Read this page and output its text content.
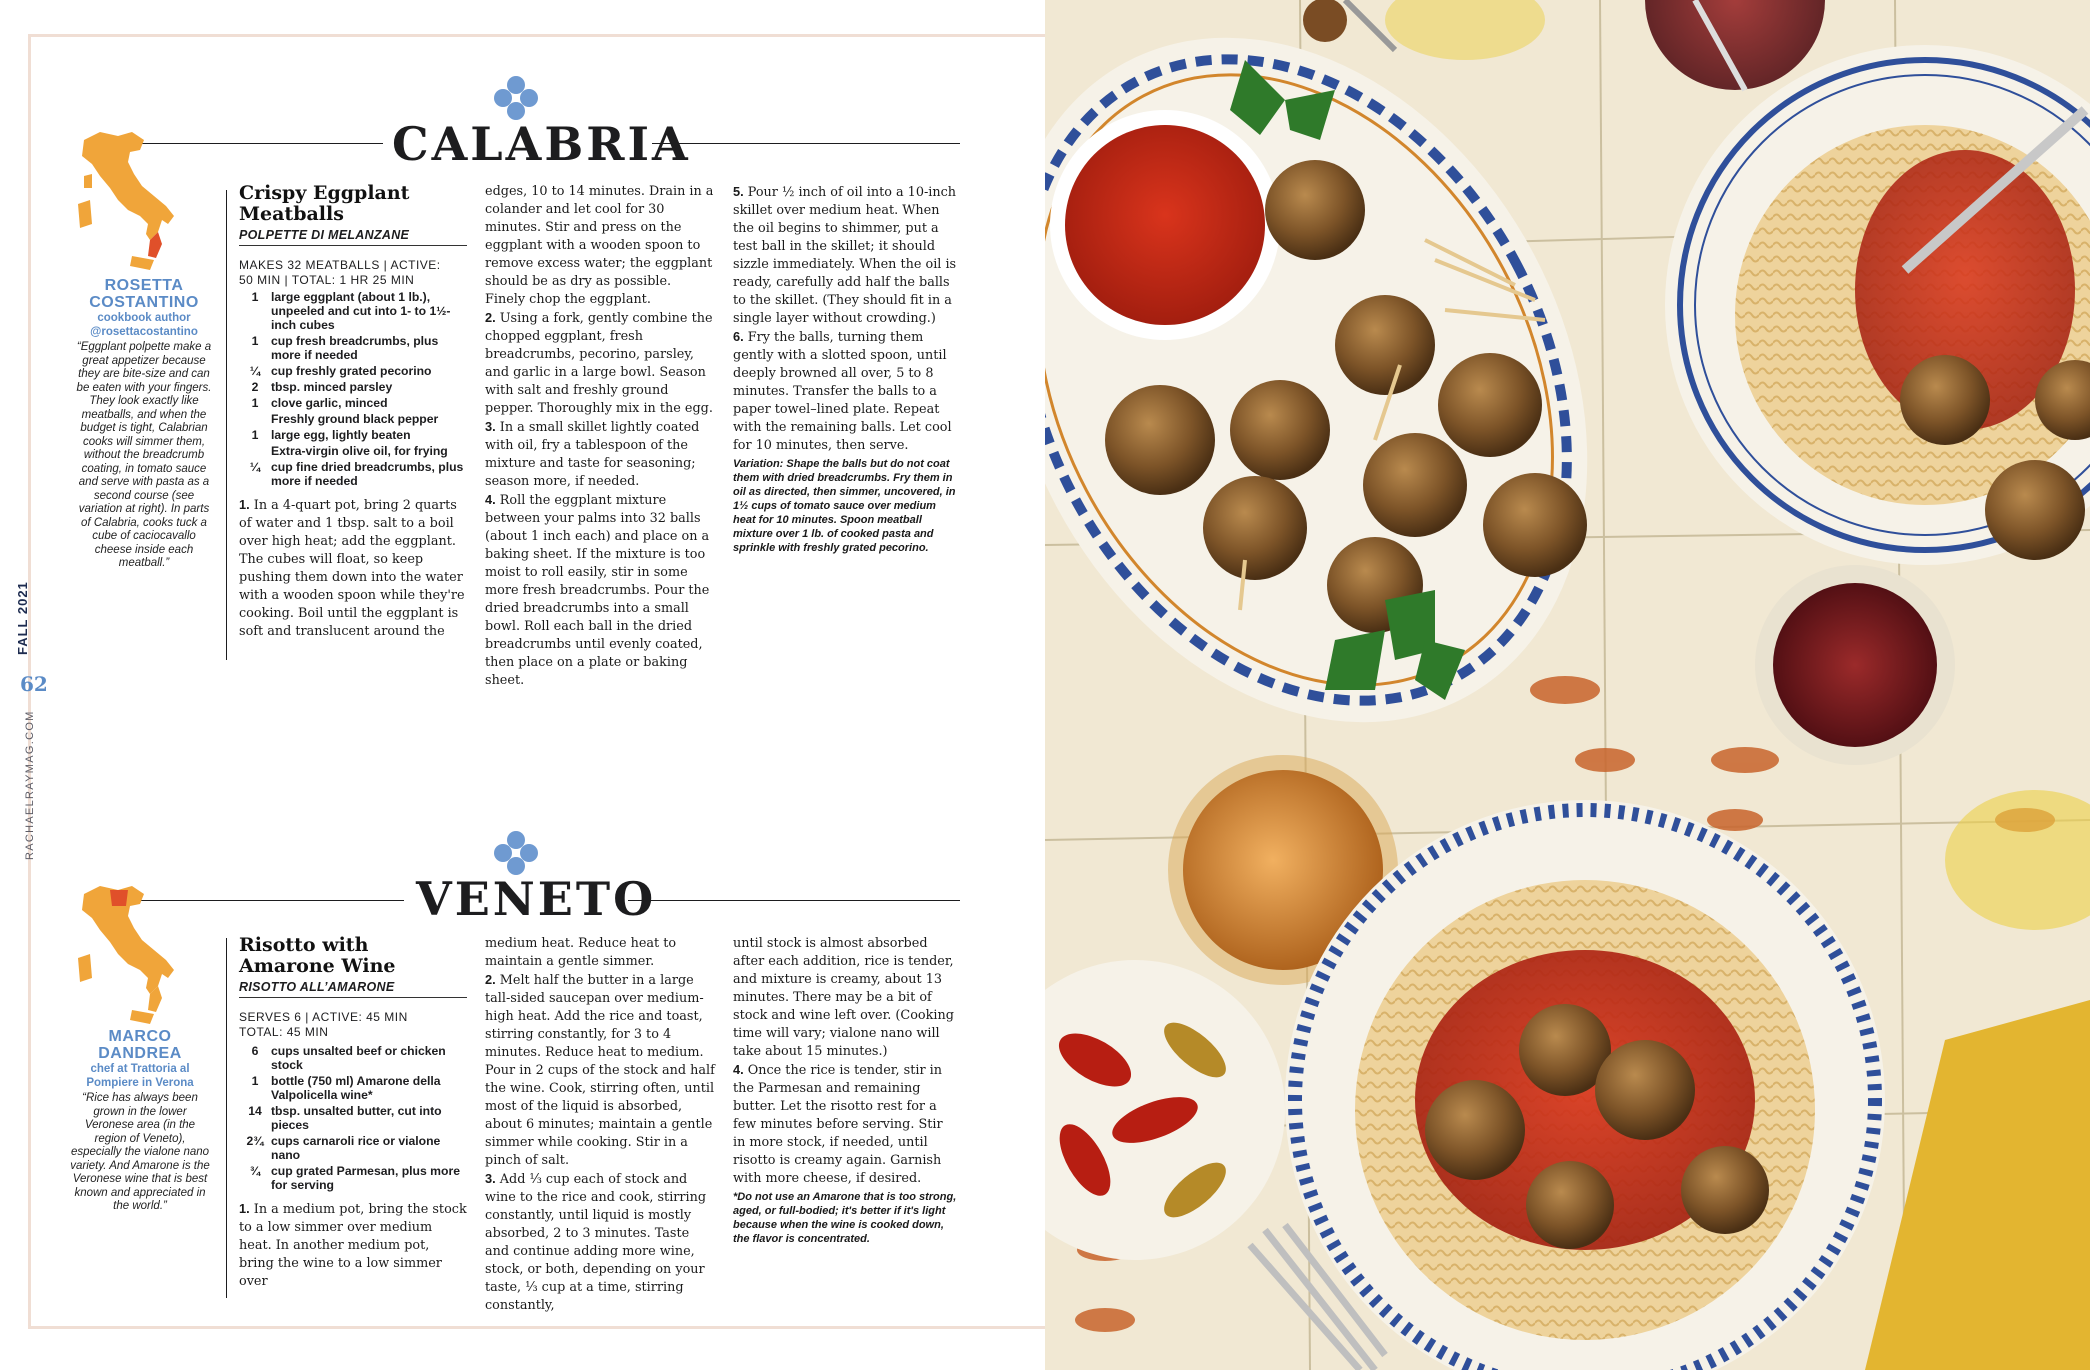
FALL 2021
62
RACHAELRAYMAG.COM
CALABRIA
ROSETTA COSTANTINO
cookbook author
@rosettacostantino
“Eggplant polpette make a great appetizer because they are bite-size and can be eaten with your fingers. They look exactly like meatballs, and when the budget is tight, Calabrian cooks will simmer them, without the breadcrumb coating, in tomato sauce and serve with pasta as a second course (see variation at right). In parts of Calabria, cooks tuck a cube of caciocavallo cheese inside each meatball.”
Crispy Eggplant Meatballs
POLPETTE DI MELANZANE
MAKES 32 MEATBALLS | ACTIVE:
50 MIN | TOTAL: 1 HR 25 MIN
1	large eggplant (about 1 lb.), unpeeled and cut into 1- to 1½-inch cubes
1	cup fresh breadcrumbs, plus more if needed
¼ cup freshly grated pecorino
2	tbsp. minced parsley
1	clove garlic, minced
Freshly ground black pepper
1	large egg, lightly beaten
Extra-virgin olive oil, for frying
¼ cup fine dried breadcrumbs, plus more if needed
1. In a 4-quart pot, bring 2 quarts of water and 1 tbsp. salt to a boil over high heat; add the eggplant. The cubes will float, so keep pushing them down into the water with a wooden spoon while they're cooking. Boil until the eggplant is soft and translucent around the

edges, 10 to 14 minutes. Drain in a colander and let cool for 30 minutes. Stir and press on the eggplant with a wooden spoon to remove excess water; the eggplant should be as dry as possible. Finely chop the eggplant.

2. Using a fork, gently combine the chopped eggplant, fresh breadcrumbs, pecorino, parsley, and garlic in a large bowl. Season with salt and freshly ground pepper. Thoroughly mix in the egg.

3. In a small skillet lightly coated with oil, fry a tablespoon of the mixture and taste for seasoning; season more, if needed.

4. Roll the eggplant mixture between your palms into 32 balls (about 1 inch each) and place on a baking sheet. If the mixture is too moist to roll easily, stir in some more fresh breadcrumbs. Pour the dried breadcrumbs into a small bowl. Roll each ball in the dried breadcrumbs until evenly coated, then place on a plate or baking sheet.

5. Pour ½ inch of oil into a 10-inch skillet over medium heat. When the oil begins to shimmer, put a test ball in the skillet; it should sizzle immediately. When the oil is ready, carefully add half the balls to the skillet. (They should fit in a single layer without crowding.)

6. Fry the balls, turning them gently with a slotted spoon, until deeply browned all over, 5 to 8 minutes. Transfer the balls to a paper towel–lined plate. Repeat with the remaining balls. Let cool for 10 minutes, then serve.

Variation: Shape the balls but do not coat them with dried breadcrumbs. Fry them in oil as directed, then simmer, uncovered, in 1½ cups of tomato sauce over medium heat for 10 minutes. Spoon meatball mixture over 1 lb. of cooked pasta and sprinkle with freshly grated pecorino.
VENETO
MARCO DANDREA
chef at Trattoria al Pompiere in Verona
“Rice has always been grown in the lower Veronese area (in the region of Veneto), especially the vialone nano variety. And Amarone is the Veronese wine that is best known and appreciated in the world.”
Risotto with Amarone Wine
RISOTTO ALL’AMARONE
SERVES 6 | ACTIVE: 45 MIN
TOTAL: 45 MIN
6	cups unsalted beef or chicken stock
1	bottle (750 ml) Amarone della Valpolicella wine*
14 tbsp. unsalted butter, cut into pieces
2¾ cups carnaroli rice or vialone nano
¾ cup grated Parmesan, plus more for serving
1. In a medium pot, bring the stock to a low simmer over medium heat. In another medium pot, bring the wine to a low simmer over

medium heat. Reduce heat to maintain a gentle simmer.

2. Melt half the butter in a large tall-sided saucepan over medium-high heat. Add the rice and toast, stirring constantly, for 3 to 4 minutes. Reduce heat to medium. Pour in 2 cups of the stock and half the wine. Cook, stirring often, until most of the liquid is absorbed, about 6 minutes; maintain a gentle simmer while cooking. Stir in a pinch of salt.

3. Add ⅓ cup each of stock and wine to the rice and cook, stirring constantly, until liquid is mostly absorbed, 2 to 3 minutes. Taste and continue adding more wine, stock, or both, depending on your taste, ⅓ cup at a time, stirring constantly,

until stock is almost absorbed after each addition, rice is tender, and mixture is creamy, about 13 minutes. There may be a bit of stock and wine left over. (Cooking time will vary; vialone nano will take about 15 minutes.)

4. Once the rice is tender, stir in the Parmesan and remaining butter. Let the risotto rest for a few minutes before serving. Stir in more stock, if needed, until risotto is creamy again. Garnish with more cheese, if desired.

*Do not use an Amarone that is too strong, aged, or full-bodied; it's better if it's light because when the wine is cooked down, the flavor is concentrated.
